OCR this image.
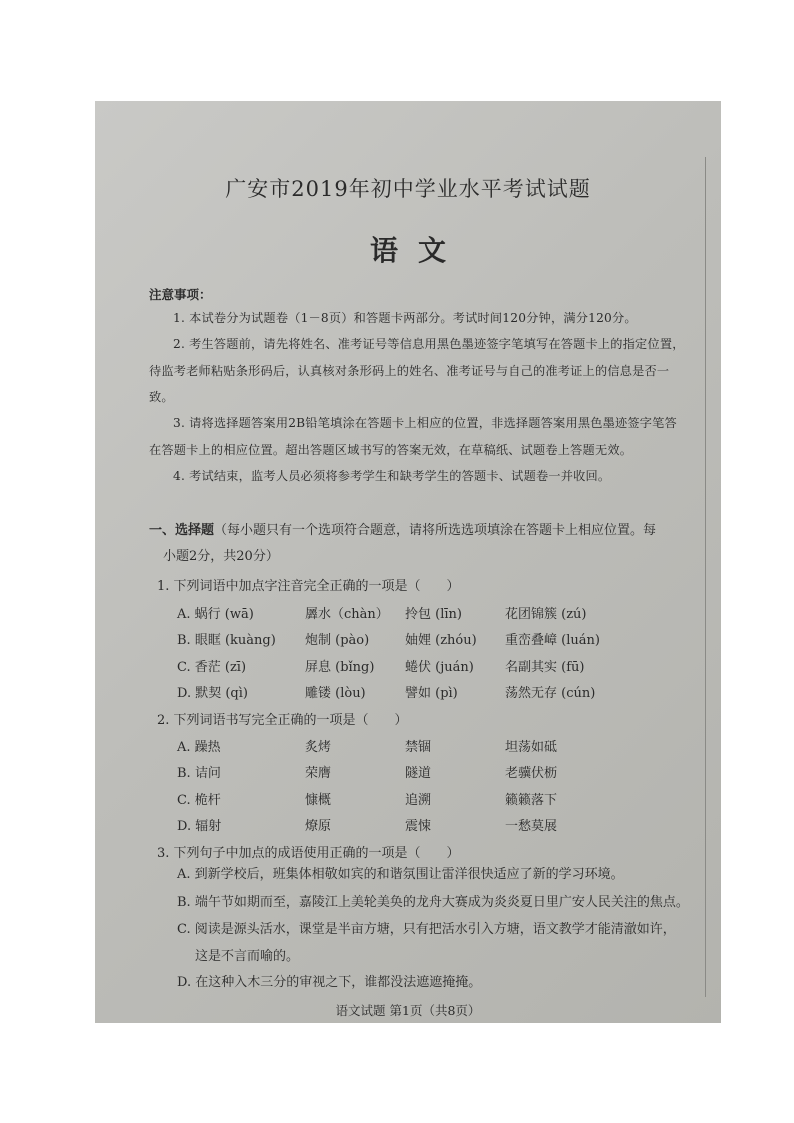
广安市2019年初中学业水平考试试题
语文
注意事项：
1. 本试卷分为试题卷（1－8页）和答题卡两部分。考试时间120分钟，满分120分。
2. 考生答题前，请先将姓名、准考证号等信息用黑色墨迹签字笔填写在答题卡上的指定位置，待监考老师粘贴条形码后，认真核对条形码上的姓名、准考证号与自己的准考证上的信息是否一致。
3. 请将选择题答案用2B铅笔填涂在答题卡上相应的位置，非选择题答案用黑色墨迹签字笔答在答题卡上的相应位置。超出答题区域书写的答案无效，在草稿纸、试题卷上答题无效。
4. 考试结束，监考人员必须将参考学生和缺考学生的答题卡、试题卷一并收回。
一、选择题（每小题只有一个选项符合题意，请将所选选项填涂在答题卡上相应位置。每
小题2分，共20分）
1. 下列词语中加点字注音完全正确的一项是（　　）
A. 蜗行 (wā)	羼水（chàn） 拎包 (līn)	花团锦簇 (zú)
B. 眼眶 (kuàng) 炮制 (pào)	妯娌 (zhóu) 重峦叠嶂 (luán)
C. 香茫 (zī)	屏息 (bǐng) 蜷伏 (juán) 名副其实 (fū)
D. 默契 (qì)	雕镂 (lòu)	譬如 (pì)	荡然无存 (cún)
2. 下列词语书写完全正确的一项是（　　）
A. 躁热	炙烤	禁锢	坦荡如砥
B. 诘问	荣膺	隧道	老骥伏枥
C. 桅杆	慷概	追溯	籁籁落下
D. 辐射	燎原	震悚	一愁莫展
3. 下列句子中加点的成语使用正确的一项是（　　）
A. 到新学校后，班集体相敬如宾的和谐氛围让雷洋很快适应了新的学习环境。
B. 端午节如期而至，嘉陵江上美轮美奂的龙舟大赛成为炎炎夏日里广安人民关注的焦点。
C. 阅读是源头活水，课堂是半亩方塘，只有把活水引入方塘，语文教学才能清澈如许，
这是不言而喻的。
D. 在这种入木三分的审视之下，谁都没法遮遮掩掩。
语文试题 第1页（共8页）
